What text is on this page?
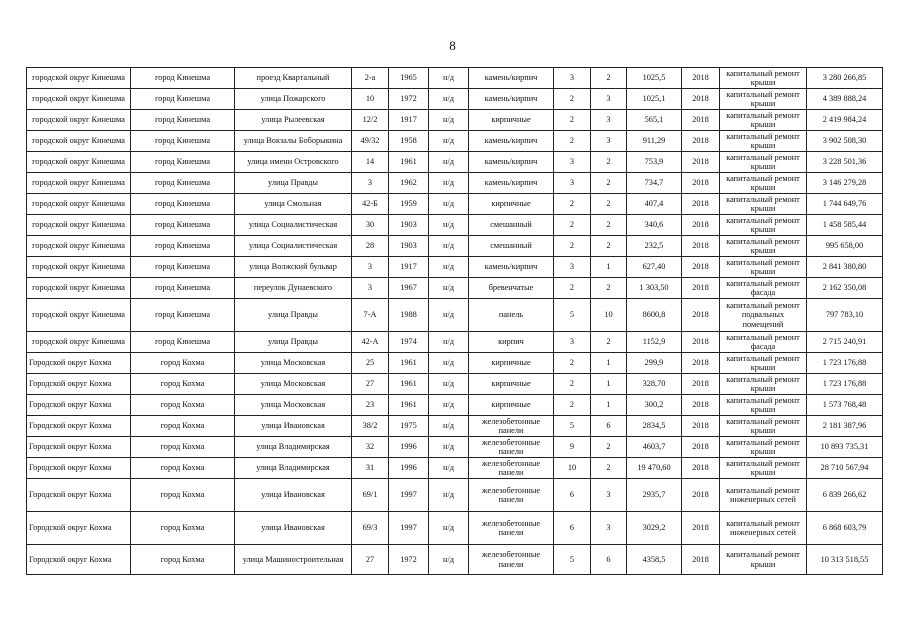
8
городской округ Кинешма	город Кинешма	проезд Квартальный	2-а	1965	н/д	камень/кирпич	3	2	1025,5	2018	капитальный ремонт крыши	3 280 266,85
городской округ Кинешма	город Кинешма	улица Пожарского	10	1972	н/д	камень/кирпич	2	3	1025,1	2018	капитальный ремонт крыши	4 389 888,24
городской округ Кинешма	город Кинешма	улица Рылеевская	12/2	1917	н/д	кирпичные	2	3	565,1	2018	капитальный ремонт крыши	2 419 984,24
городской округ Кинешма	город Кинешма	улица Вокзалы Боборыкина	49/32	1958	н/д	камень/кирпич	2	3	911,29	2018	капитальный ремонт крыши	3 902 508,30
городской округ Кинешма	город Кинешма	улица имени Островского	14	1961	н/д	камень/кирпич	3	2	753,9	2018	капитальный ремонт крыши	3 228 501,36
городской округ Кинешма	город Кинешма	улица Правды	3	1962	н/д	камень/кирпич	3	2	734,7	2018	капитальный ремонт крыши	3 146 279,28
городской округ Кинешма	город Кинешма	улица Смольная	42-Б	1959	н/д	кирпичные	2	2	407,4	2018	капитальный ремонт крыши	1 744 649,76
городской округ Кинешма	город Кинешма	улица Социалистическая	30	1903	н/д	смешанный	2	2	340,6	2018	капитальный ремонт крыши	1 458 585,44
городской округ Кинешма	город Кинешма	улица Социалистическая	28	1903	н/д	смешанный	2	2	232,5	2018	капитальный ремонт крыши	995 658,00
городской округ Кинешма	город Кинешма	улица Волжский бульвар	3	1917	н/д	камень/кирпич	3	1	627,40	2018	капитальный ремонт крыши	2 841 380,80
городской округ Кинешма	город Кинешма	переулок Дунаевского	3	1967	н/д	бревенчатые	2	2	1 303,50	2018	капитальный ремонт фасада	2 162 350,08
городской округ Кинешма	город Кинешма	улица Правды	7-А	1988	н/д	панель	5	10	8600,8	2018	капитальный ремонт подвальных помещений	797 783,10
городской округ Кинешма	город Кинешма	улица Правды	42-А	1974	н/д	кирпич	3	2	1152,9	2018	капитальный ремонт фасада	2 715 240,91
Городской округ Кохма	город Кохма	улица Московская	25	1961	н/д	кирпичные	2	1	299,9	2018	капитальный ремонт крыши	1 723 176,88
Городской округ Кохма	город Кохма	улица Московская	27	1961	н/д	кирпичные	2	1	328,70	2018	капитальный ремонт крыши	1 723 176,88
Городской округ Кохма	город Кохма	улица Московская	23	1961	н/д	кирпичные	2	1	300,2	2018	капитальный ремонт крыши	1 573 768,48
Городской округ Кохма	город Кохма	улица Ивановская	38/2	1975	н/д	железобетонные панели	5	6	2834,5	2018	капитальный ремонт крыши	2 181 387,96
Городской округ Кохма	город Кохма	улица Владимирская	32	1996	н/д	железобетонные панели	9	2	4603,7	2018	капитальный ремонт крыши	10 893 735,31
Городской округ Кохма	город Кохма	улица Владимирская	31	1996	н/д	железобетонные панели	10	2	19 470,60	2018	капитальный ремонт крыши	28 710 567,94
Городской округ Кохма	город Кохма	улица Ивановская	69/1	1997	н/д	железобетонные панели	6	3	2935,7	2018	капитальный ремонт инженерных сетей	6 839 266,62
Городской округ Кохма	город Кохма	улица Ивановская	69/3	1997	н/д	железобетонные панели	6	3	3029,2	2018	капитальный ремонт инженерных сетей	6 868 603,79
Городской округ Кохма	город Кохма	улица Машиностроительная	27	1972	н/д	железобетонные панели	5	6	4358,5	2018	капитальный ремонт крыши	10 313 518,55
